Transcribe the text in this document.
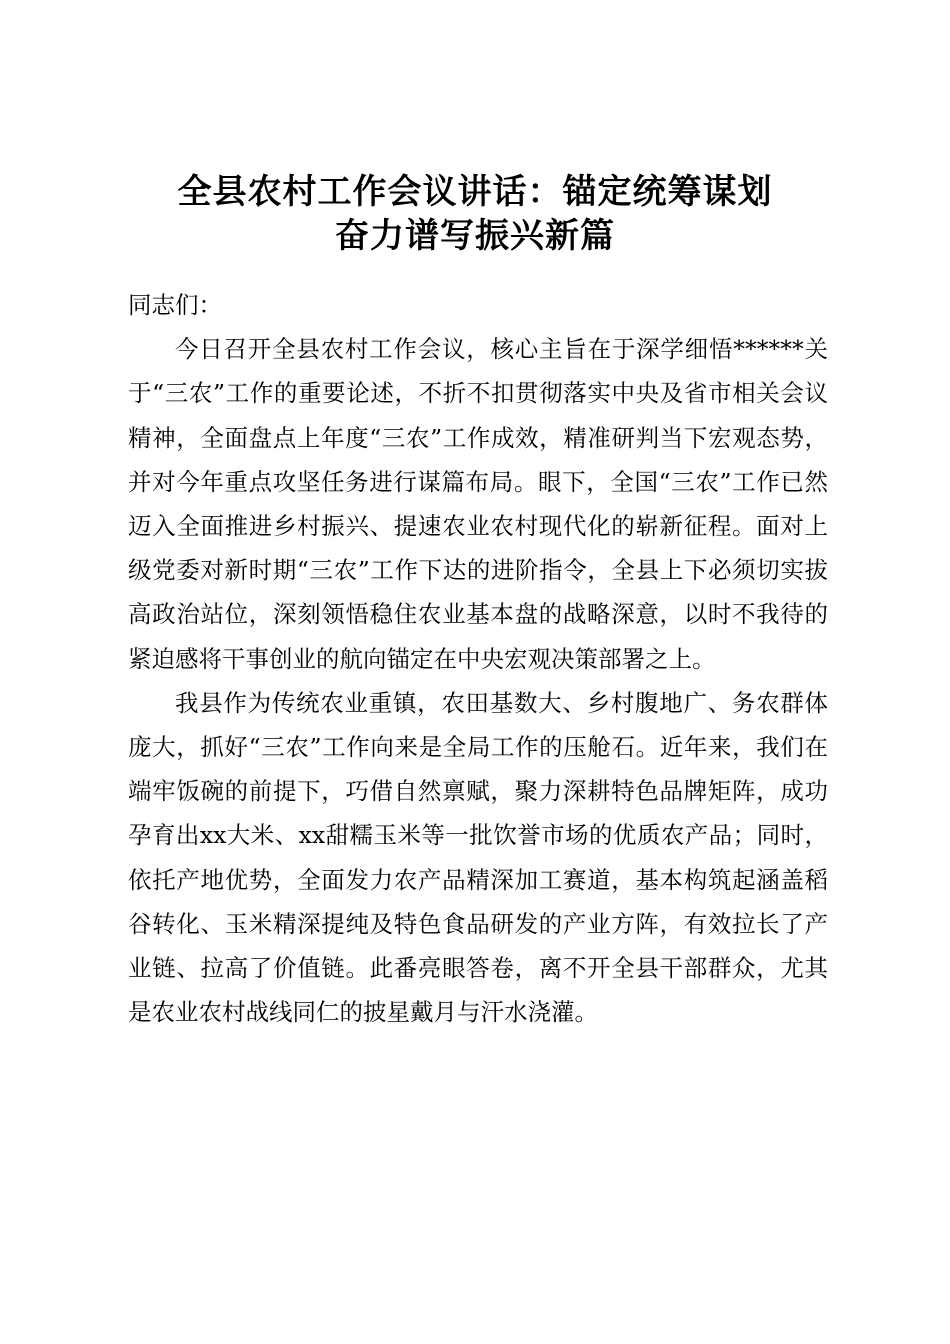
全县农村工作会议讲话：锚定统筹谋划
奋力谱写振兴新篇

同志们：

今日召开全县农村工作会议，核心主旨在于深学细悟******关于“三农”工作的重要论述，不折不扣贯彻落实中央及省市相关会议精神，全面盘点上年度“三农”工作成效，精准研判当下宏观态势，并对今年重点攻坚任务进行谋篇布局。眼下，全国“三农”工作已然迈入全面推进乡村振兴、提速农业农村现代化的崭新征程。面对上级党委对新时期“三农”工作下达的进阶指令，全县上下必须切实拔高政治站位，深刻领悟稳住农业基本盘的战略深意，以时不我待的紧迫感将干事创业的航向锚定在中央宏观决策部署之上。

我县作为传统农业重镇，农田基数大、乡村腹地广、务农群体庞大，抓好“三农”工作向来是全局工作的压舱石。近年来，我们在端牢饭碗的前提下，巧借自然禀赋，聚力深耕特色品牌矩阵，成功孕育出xx大米、xx甜糯玉米等一批饮誉市场的优质农产品；同时，依托产地优势，全面发力农产品精深加工赛道，基本构筑起涵盖稻谷转化、玉米精深提纯及特色食品研发的产业方阵，有效拉长了产业链、拉高了价值链。此番亮眼答卷，离不开全县干部群众，尤其是农业农村战线同仁的披星戴月与汗水浇灌。
